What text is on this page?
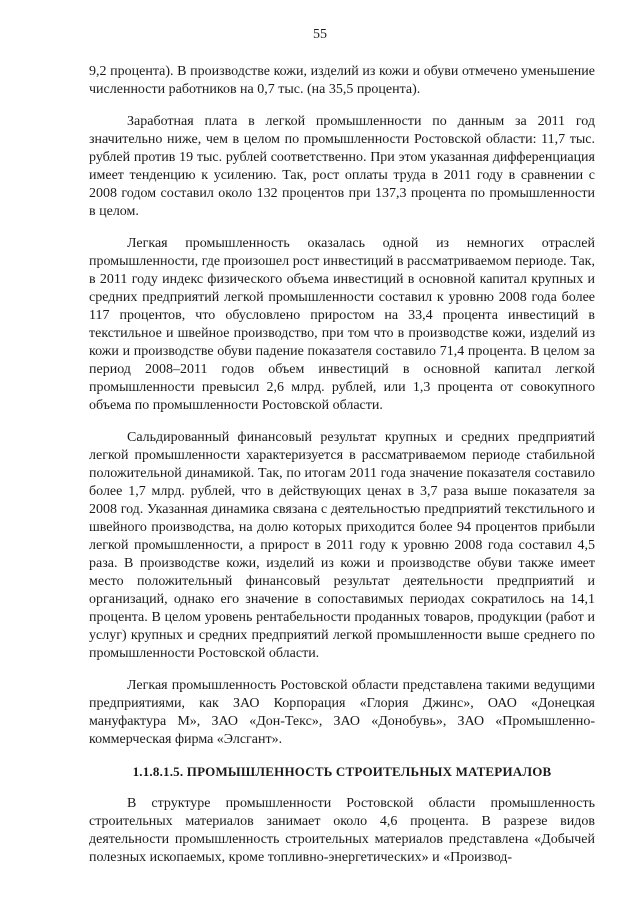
55

9,2 процента). В производстве кожи, изделий из кожи и обуви отмечено уменьшение численности работников на 0,7 тыс. (на 35,5 процента).

Заработная плата в легкой промышленности по данным за 2011 год значительно ниже, чем в целом по промышленности Ростовской области: 11,7 тыс. рублей против 19 тыс. рублей соответственно. При этом указанная дифференциация имеет тенденцию к усилению. Так, рост оплаты труда в 2011 году в сравнении с 2008 годом составил около 132 процентов при 137,3 процента по промышленности в целом.

Легкая промышленность оказалась одной из немногих отраслей промышленности, где произошел рост инвестиций в рассматриваемом периоде. Так, в 2011 году индекс физического объема инвестиций в основной капитал крупных и средних предприятий легкой промышленности составил к уровню 2008 года более 117 процентов, что обусловлено приростом на 33,4 процента инвестиций в текстильное и швейное производство, при том что в производстве кожи, изделий из кожи и производстве обуви падение показателя составило 71,4 процента. В целом за период 2008–2011 годов объем инвестиций в основной капитал легкой промышленности превысил 2,6 млрд. рублей, или 1,3 процента от совокупного объема по промышленности Ростовской области.

Сальдированный финансовый результат крупных и средних предприятий легкой промышленности характеризуется в рассматриваемом периоде стабильной положительной динамикой. Так, по итогам 2011 года значение показателя составило более 1,7 млрд. рублей, что в действующих ценах в 3,7 раза выше показателя за 2008 год. Указанная динамика связана с деятельностью предприятий текстильного и швейного производства, на долю которых приходится более 94 процентов прибыли легкой промышленности, а прирост в 2011 году к уровню 2008 года составил 4,5 раза. В производстве кожи, изделий из кожи и производстве обуви также имеет место положительный финансовый результат деятельности предприятий и организаций, однако его значение в сопоставимых периодах сократилось на 14,1 процента. В целом уровень рентабельности проданных товаров, продукции (работ и услуг) крупных и средних предприятий легкой промышленности выше среднего по промышленности Ростовской области.

Легкая промышленность Ростовской области представлена такими ведущими предприятиями, как ЗАО Корпорация «Глория Джинс», ОАО «Донецкая мануфактура М», ЗАО «Дон-Текс», ЗАО «Донобувь», ЗАО «Промышленно-коммерческая фирма «Элсгант».

1.1.8.1.5. ПРОМЫШЛЕННОСТЬ СТРОИТЕЛЬНЫХ МАТЕРИАЛОВ

В структуре промышленности Ростовской области промышленность строительных материалов занимает около 4,6 процента. В разрезе видов деятельности промышленность строительных материалов представлена «Добычей полезных ископаемых, кроме топливно-энергетических» и «Производ-
